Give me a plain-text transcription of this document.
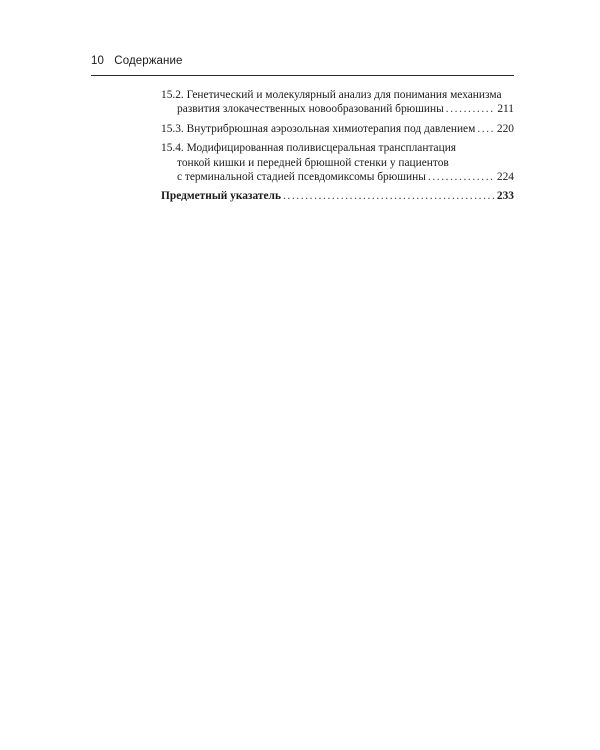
10 Содержание
15.2. Генетический и молекулярный анализ для понимания механизма
развития злокачественных новообразований брюшины .....	211
15.3. Внутрибрюшная аэрозольная химиотерапия под давлением ..... 220
15.4. Модифицированная поливисцеральная трансплантация
тонкой кишки и передней брюшной стенки у пациентов
с терминальной стадией псевдомиксомы брюшины .....	224
Предметный указатель .....	233
